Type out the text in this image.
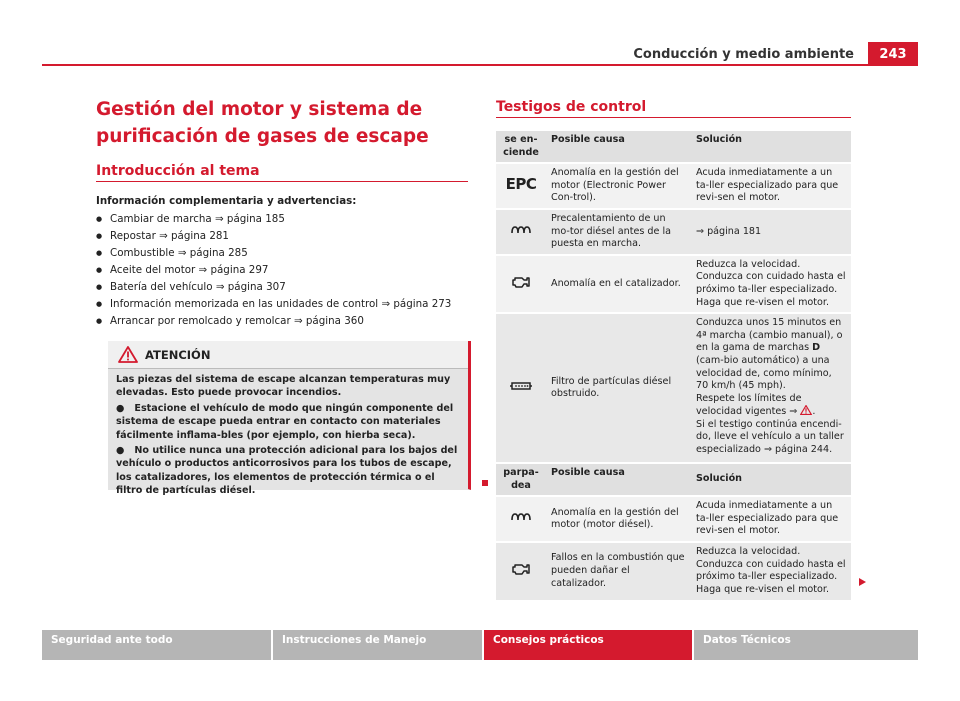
Conducción y medio ambiente	243
Gestión del motor y sistema de purificación de gases de escape
Introducción al tema
Información complementaria y advertencias:
● Cambiar de marcha ⇒ página 185
● Repostar ⇒ página 281
● Combustible ⇒ página 285
● Aceite del motor ⇒ página 297
● Batería del vehículo ⇒ página 307
● Información memorizada en las unidades de control ⇒ página 273
● Arrancar por remolcado y remolcar ⇒ página 360
ATENCIÓN

Las piezas del sistema de escape alcanzan temperaturas muy elevadas. Esto puede provocar incendios.

●   Estacione el vehículo de modo que ningún componente del sistema de escape pueda entrar en contacto con materiales fácilmente inflama-bles (por ejemplo, con hierba seca).

●   No utilice nunca una protección adicional para los bajos del vehículo o productos anticorrosivos para los tubos de escape, los catalizadores, los elementos de protección térmica o el filtro de partículas diésel.

Testigos de control
se en-ciende	Posible causa	Solución
EPC	Anomalía en la gestión del motor (Electronic Power Con-trol).	Acuda inmediatamente a un ta-ller especializado para que revi-sen el motor.
	Precalentamiento de un mo-tor diésel antes de la puesta en marcha.	⇒ página 181
	Anomalía en el catalizador.	Reduzca la velocidad. Conduzca con cuidado hasta el próximo ta-ller especializado. Haga que re-visen el motor.
	Filtro de partículas diésel obstruido.	Conduzca unos 15 minutos en 4ª marcha (cambio manual), o en la gama de marchas D (cam-bio automático) a una velocidad de, como mínimo, 70 km/h (45 mph).
Respete los límites de velocidad vigentes ⇒ .
Si el testigo continúa encendi-do, lleve el vehículo a un taller especializado ⇒ página 244.
parpa-dea	Posible causa	Solución
	Anomalía en la gestión del motor (motor diésel).	Acuda inmediatamente a un ta-ller especializado para que revi-sen el motor.
	Fallos en la combustión que pueden dañar el catalizador.	Reduzca la velocidad. Conduzca con cuidado hasta el próximo ta-ller especializado. Haga que re-visen el motor.
Seguridad ante todo	Instrucciones de Manejo	Consejos prácticos	Datos Técnicos
